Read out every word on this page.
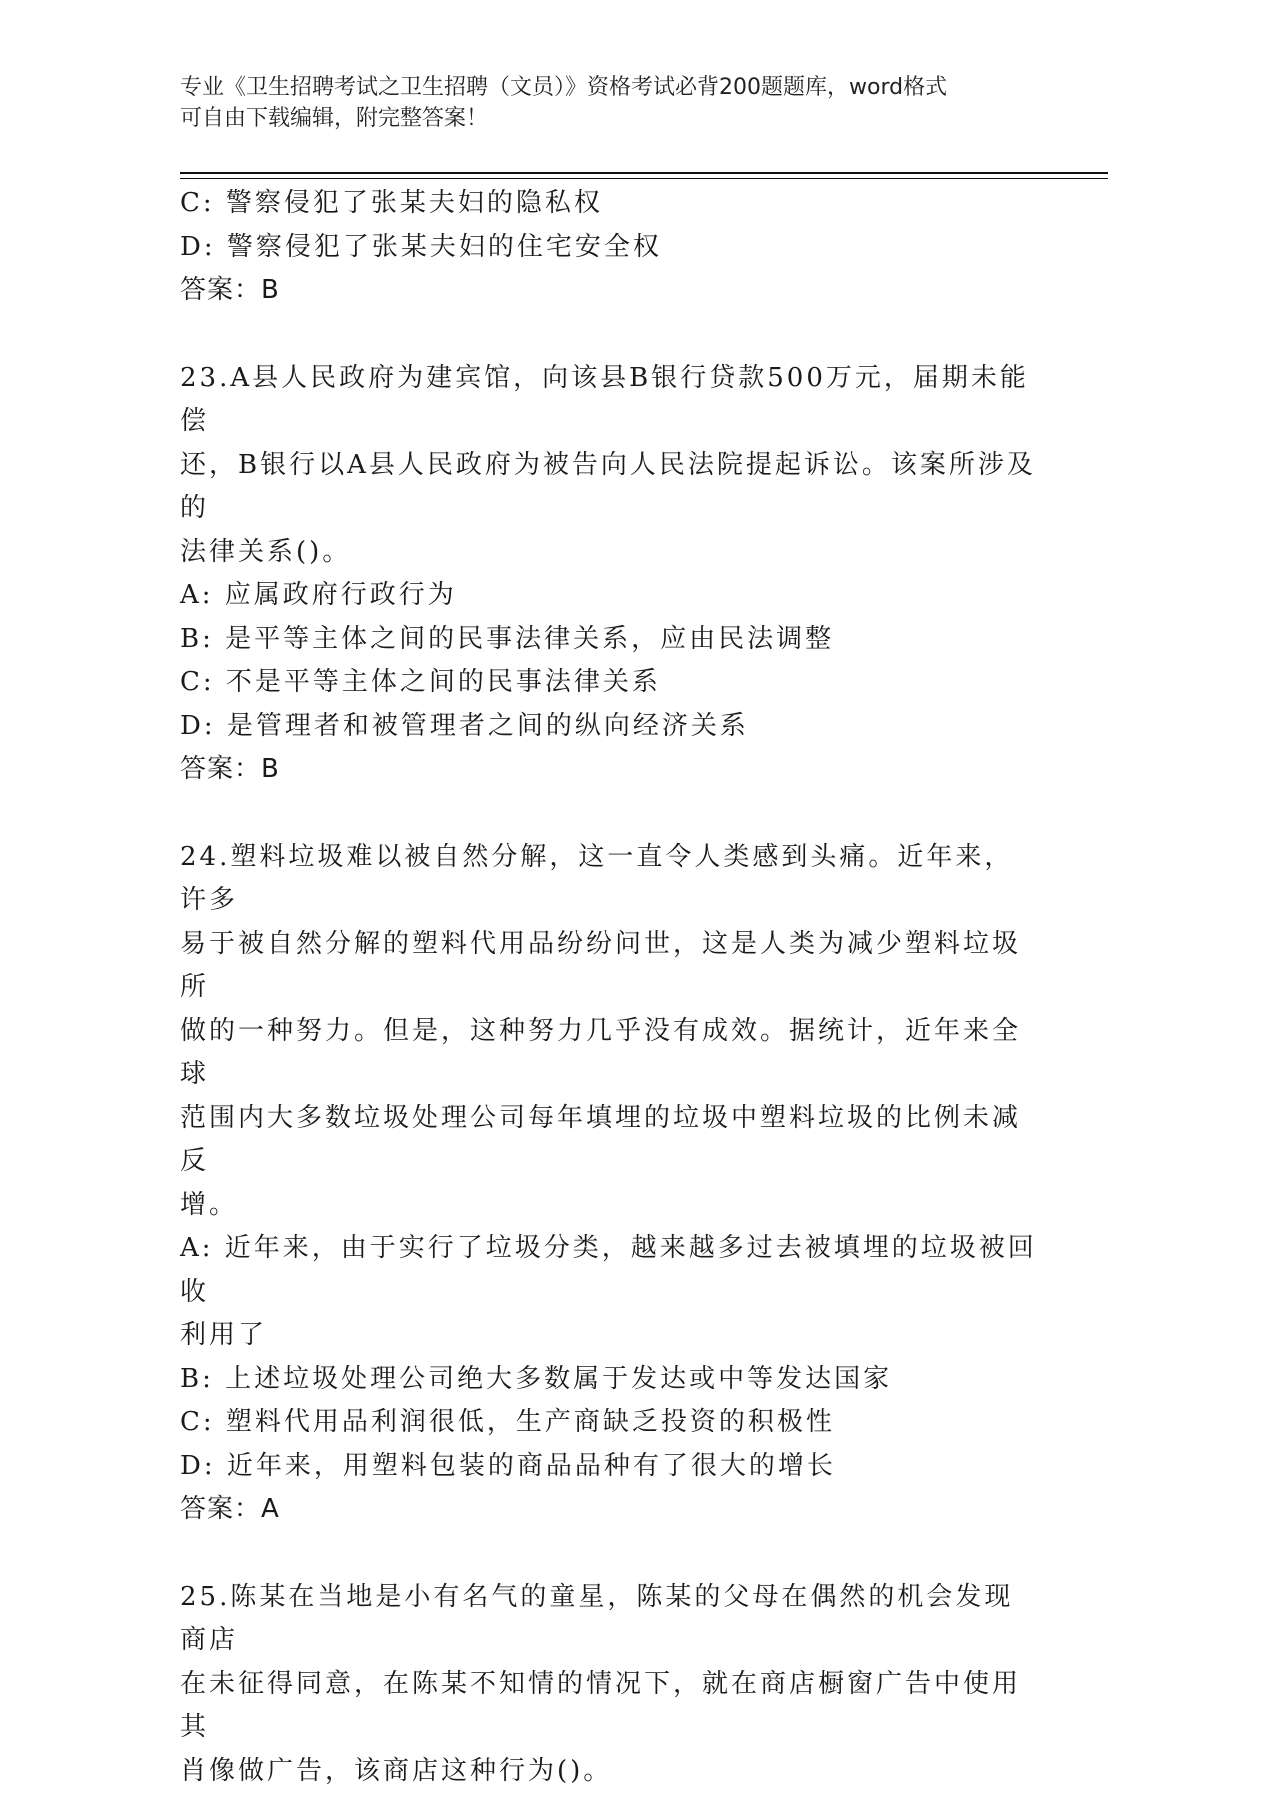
专业《卫生招聘考试之卫生招聘（文员）》资格考试必背200题题库，word格式
可自由下载编辑，附完整答案！
C: 警察侵犯了张某夫妇的隐私权
D: 警察侵犯了张某夫妇的住宅安全权
答案：B
23.A县人民政府为建宾馆，向该县B银行贷款500万元，届期未能偿
还，B银行以A县人民政府为被告向人民法院提起诉讼。该案所涉及的
法律关系()。
A: 应属政府行政行为
B: 是平等主体之间的民事法律关系，应由民法调整
C: 不是平等主体之间的民事法律关系
D: 是管理者和被管理者之间的纵向经济关系
答案：B
24.塑料垃圾难以被自然分解，这一直令人类感到头痛。近年来，许多
易于被自然分解的塑料代用品纷纷问世，这是人类为减少塑料垃圾所
做的一种努力。但是，这种努力几乎没有成效。据统计，近年来全球
范围内大多数垃圾处理公司每年填埋的垃圾中塑料垃圾的比例未减反
增。
A: 近年来，由于实行了垃圾分类，越来越多过去被填埋的垃圾被回收
利用了
B: 上述垃圾处理公司绝大多数属于发达或中等发达国家
C: 塑料代用品利润很低，生产商缺乏投资的积极性
D: 近年来，用塑料包装的商品品种有了很大的增长
答案：A
25.陈某在当地是小有名气的童星，陈某的父母在偶然的机会发现商店
在未征得同意，在陈某不知情的情况下，就在商店橱窗广告中使用其
肖像做广告，该商店这种行为()。
